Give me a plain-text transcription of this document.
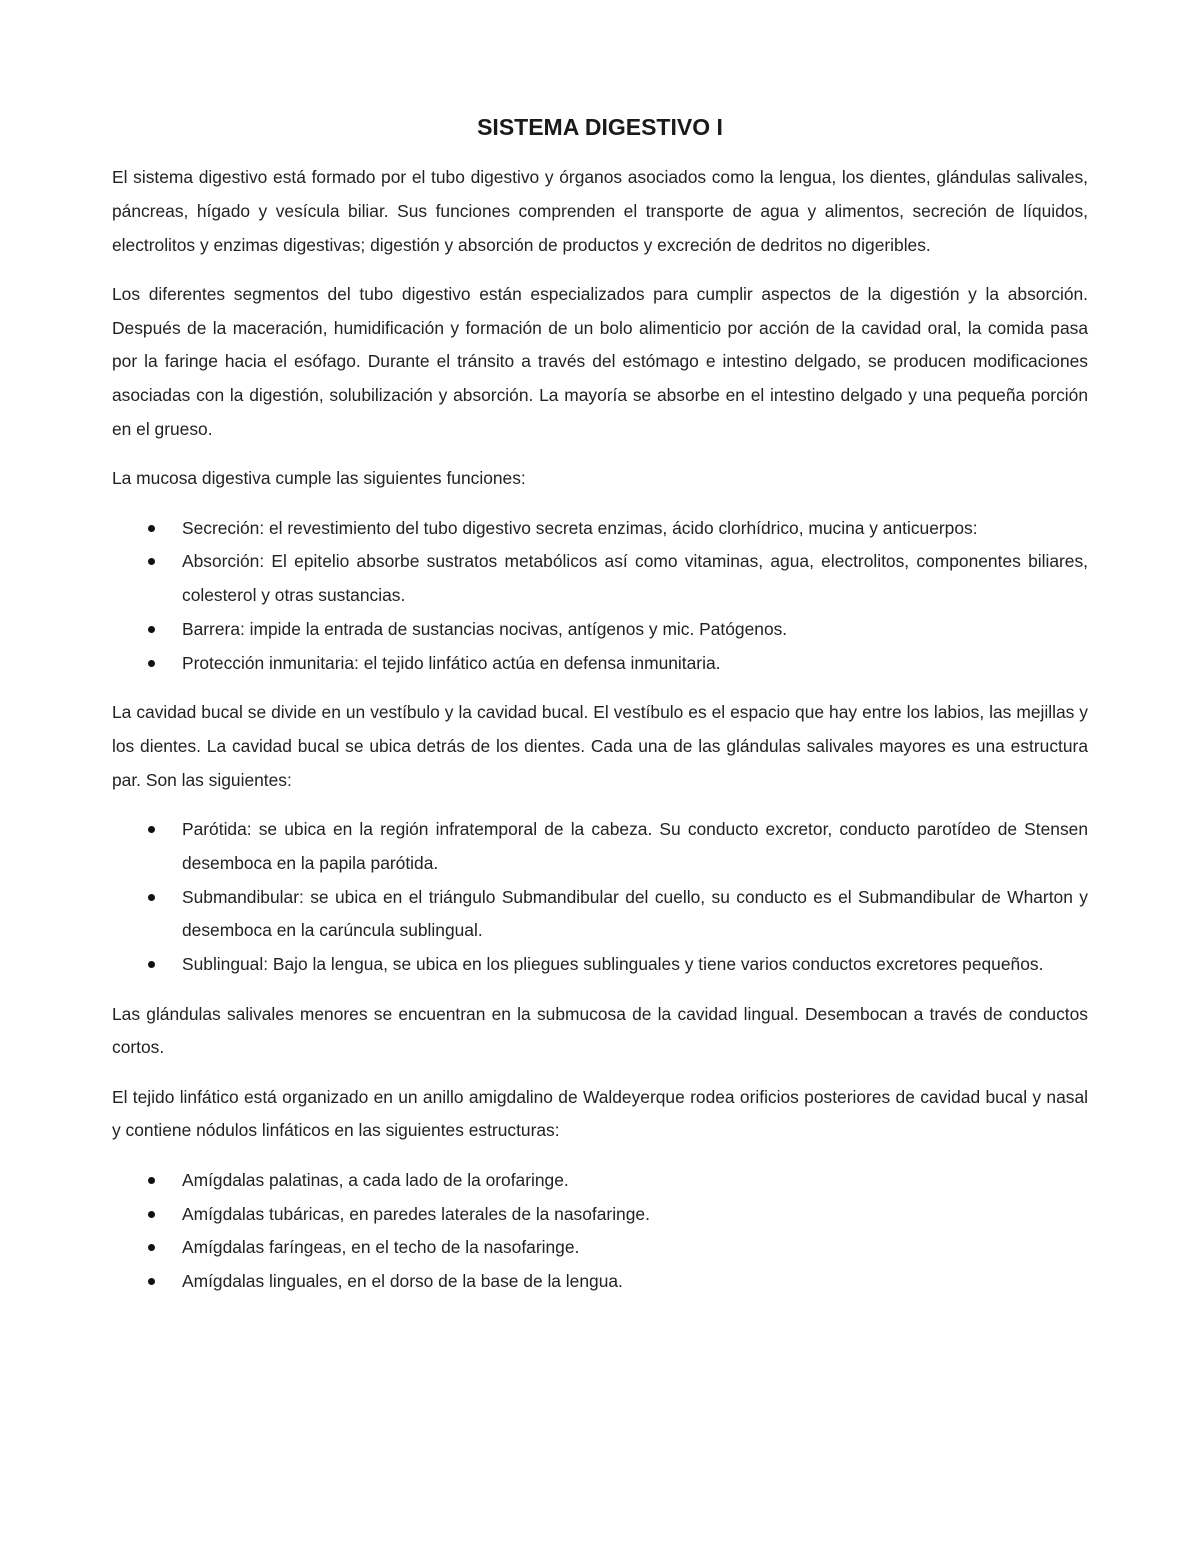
SISTEMA DIGESTIVO I

El sistema digestivo está formado por el tubo digestivo y órganos asociados como la lengua, los dientes, glándulas salivales, páncreas, hígado y vesícula biliar. Sus funciones comprenden el transporte de agua y alimentos, secreción de líquidos, electrolitos y enzimas digestivas; digestión y absorción de productos y excreción de dedritos no digeribles.

Los diferentes segmentos del tubo digestivo están especializados para cumplir aspectos de la digestión y la absorción. Después de la maceración, humidificación y formación de un bolo alimenticio por acción de la cavidad oral, la comida pasa por la faringe hacia el esófago. Durante el tránsito a través del estómago e intestino delgado, se producen modificaciones asociadas con la digestión, solubilización y absorción. La mayoría se absorbe en el intestino delgado y una pequeña porción en el grueso.

La mucosa digestiva cumple las siguientes funciones:

Secreción: el revestimiento del tubo digestivo secreta enzimas, ácido clorhídrico, mucina y anticuerpos:
Absorción: El epitelio absorbe sustratos metabólicos así como vitaminas, agua, electrolitos, componentes biliares, colesterol y otras sustancias.
Barrera: impide la entrada de sustancias nocivas, antígenos y mic. Patógenos.
Protección inmunitaria: el tejido linfático actúa en defensa inmunitaria.

La cavidad bucal se divide en un vestíbulo y la cavidad bucal. El vestíbulo es el espacio que hay entre los labios, las mejillas y los dientes. La cavidad bucal se ubica detrás de los dientes. Cada una de las glándulas salivales mayores es una estructura par. Son las siguientes:

Parótida: se ubica en la región infratemporal de la cabeza. Su conducto excretor, conducto parotídeo de Stensen desemboca en la papila parótida.
Submandibular: se ubica en el triángulo Submandibular del cuello, su conducto es el Submandibular de Wharton y desemboca en la carúncula sublingual.
Sublingual: Bajo la lengua, se ubica en los pliegues sublinguales y tiene varios conductos excretores pequeños.

Las glándulas salivales menores se encuentran en la submucosa de la cavidad lingual. Desembocan a través de conductos cortos.

El tejido linfático está organizado en un anillo amigdalino de Waldeyerque rodea orificios posteriores de cavidad bucal y nasal y contiene nódulos linfáticos en las siguientes estructuras:

Amígdalas palatinas, a cada lado de la orofaringe.
Amígdalas tubáricas, en paredes laterales de la nasofaringe.
Amígdalas faríngeas, en el techo de la nasofaringe.
Amígdalas linguales, en el dorso de la base de la lengua.
